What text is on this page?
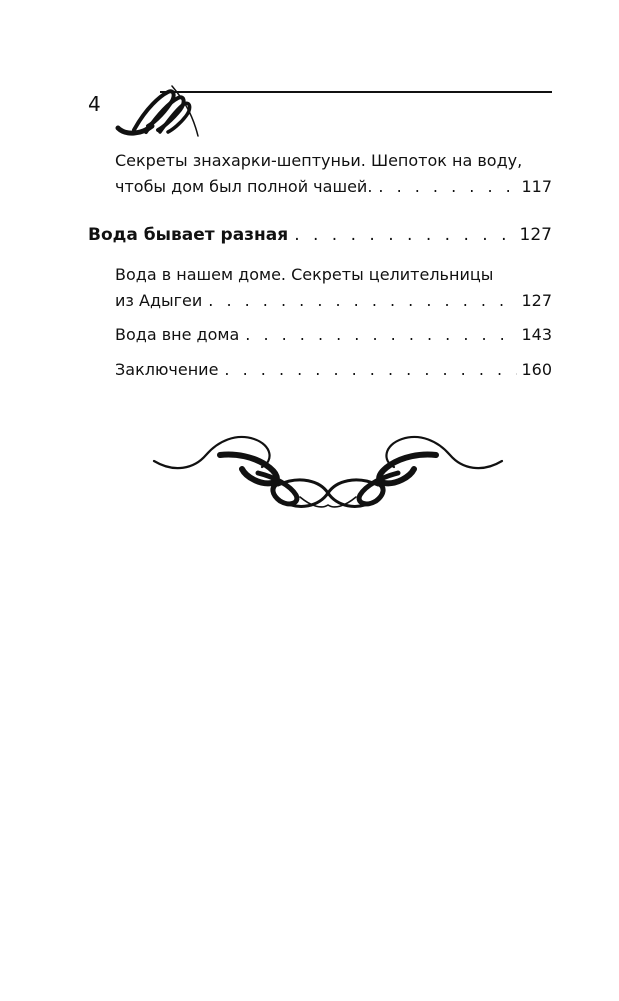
4
Секреты знахарки-шептуньи. Шепоток на воду,
чтобы дом был полной чашей. . . .	117
Вода бывает разная . . .	127
Вода в нашем доме. Секреты целительницы
из Адыгеи . . .	127
Вода вне дома . . .	143
Заключение . . .	160
